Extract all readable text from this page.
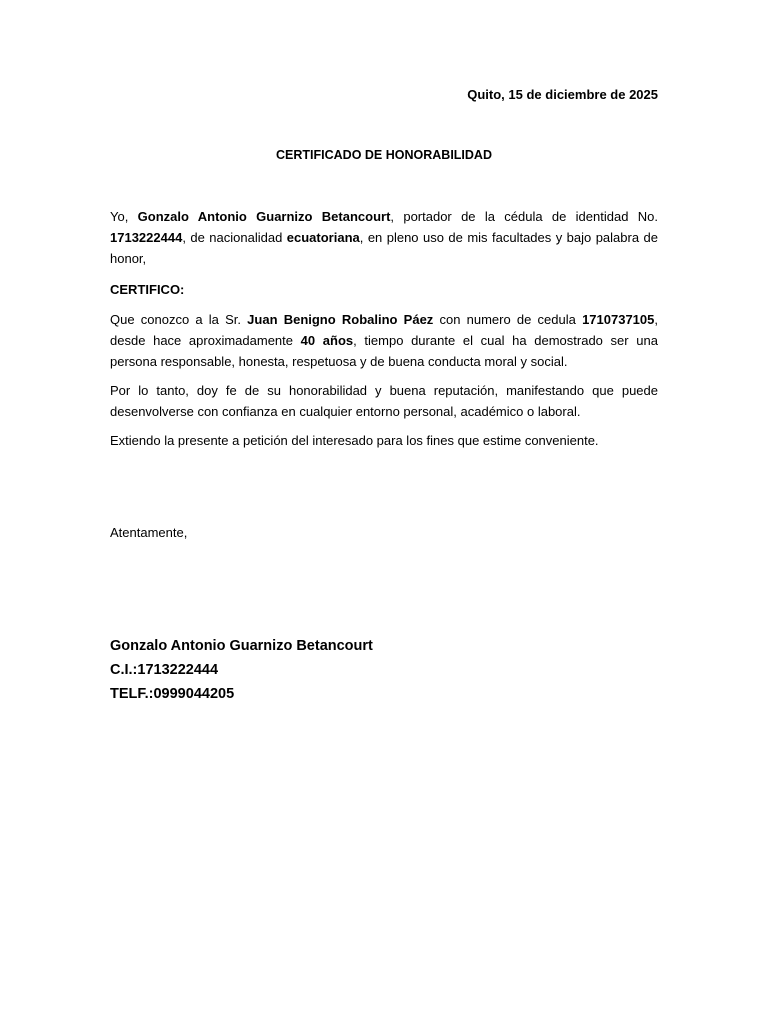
Quito, 15 de diciembre de 2025
CERTIFICADO DE HONORABILIDAD

Yo, Gonzalo Antonio Guarnizo Betancourt, portador de la cédula de identidad No. 1713222444, de nacionalidad ecuatoriana, en pleno uso de mis facultades y bajo palabra de honor,

CERTIFICO:

Que conozco a la Sr. Juan Benigno Robalino Páez con numero de cedula 1710737105, desde hace aproximadamente 40 años, tiempo durante el cual ha demostrado ser una persona responsable, honesta, respetuosa y de buena conducta moral y social.

Por lo tanto, doy fe de su honorabilidad y buena reputación, manifestando que puede desenvolverse con confianza en cualquier entorno personal, académico o laboral.

Extiendo la presente a petición del interesado para los fines que estime conveniente.

Atentamente,

Gonzalo Antonio Guarnizo Betancourt
C.I.:1713222444
TELF.:0999044205
